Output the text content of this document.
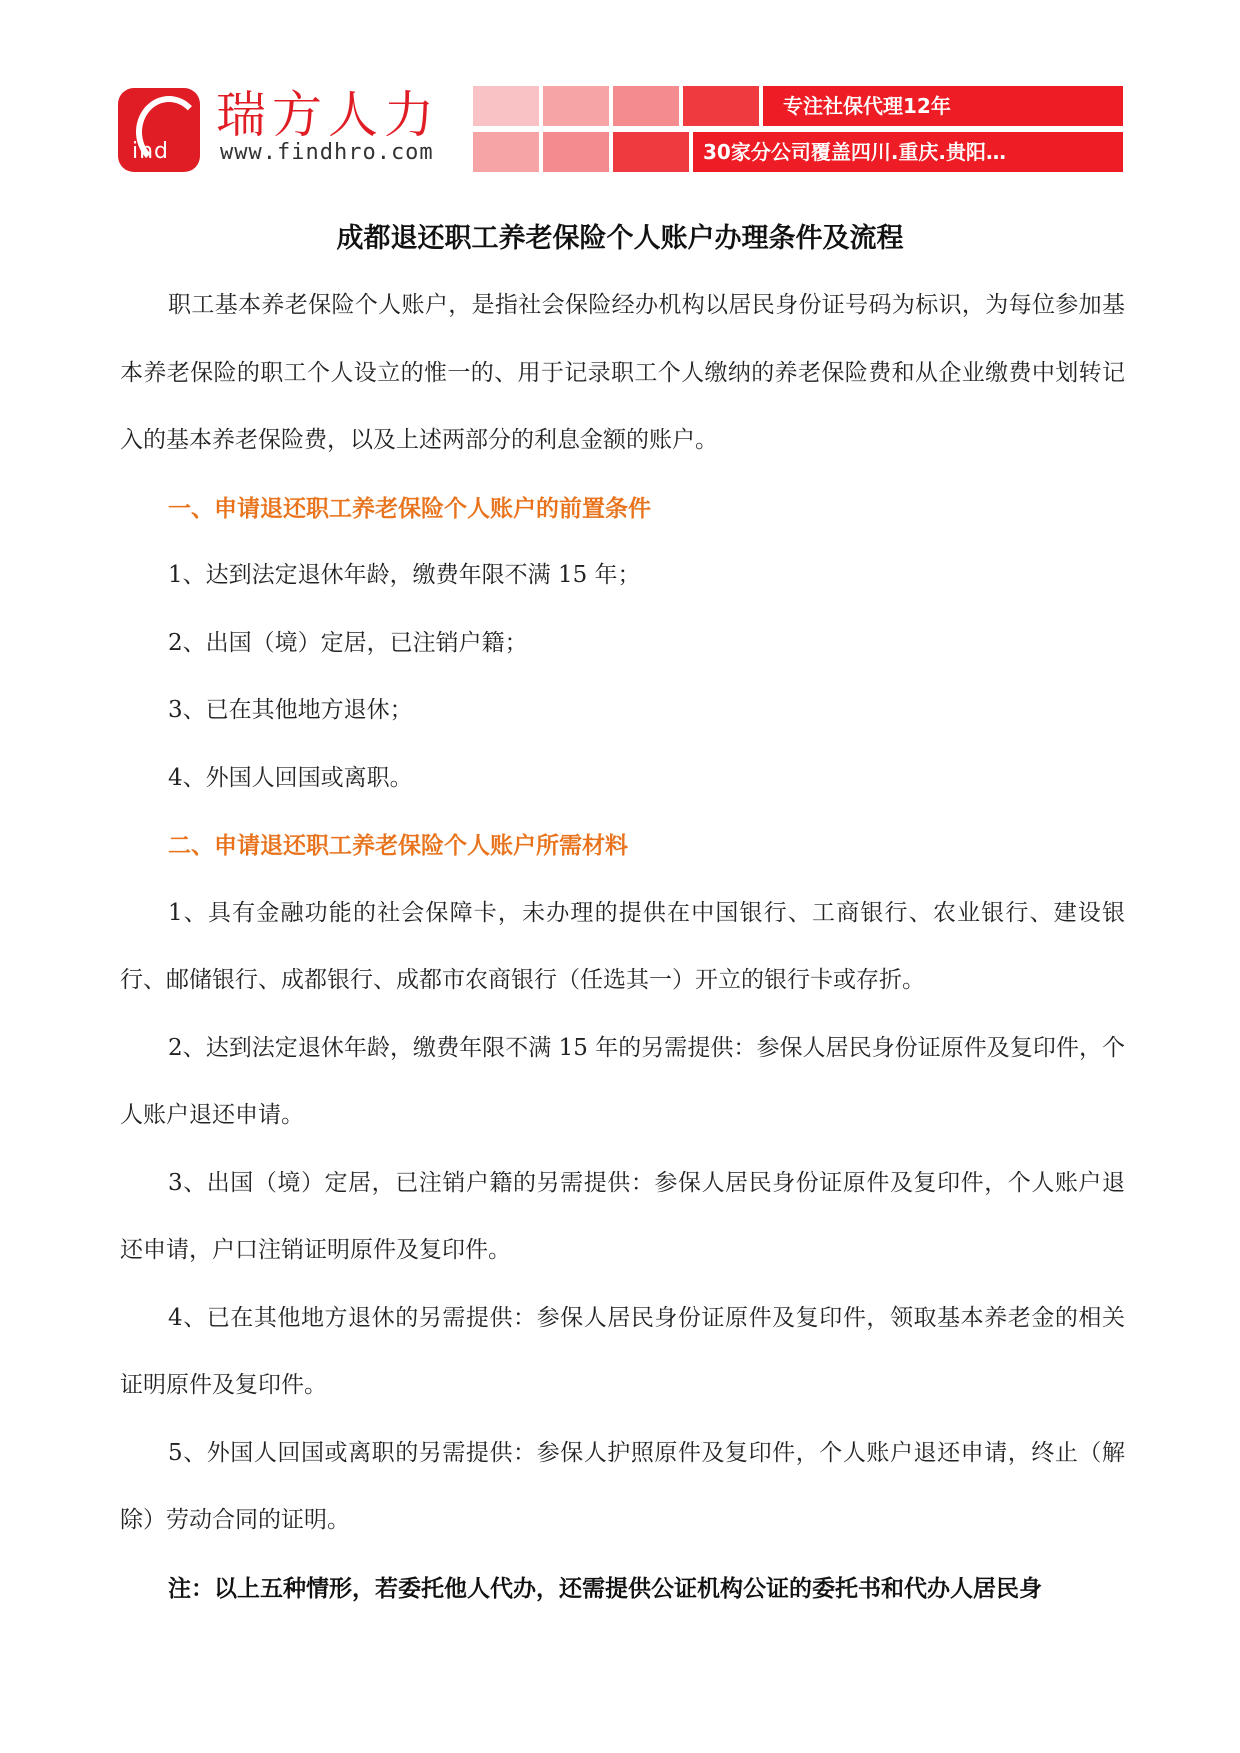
ind
瑞方人力
www.findhro.com
专注社保代理12年
30家分公司覆盖四川.重庆.贵阳…
成都退还职工养老保险个人账户办理条件及流程

职工基本养老保险个人账户，是指社会保险经办机构以居民身份证号码为标识，为每位参加基本养老保险的职工个人设立的惟一的、用于记录职工个人缴纳的养老保险费和从企业缴费中划转记入的基本养老保险费，以及上述两部分的利息金额的账户。

一、申请退还职工养老保险个人账户的前置条件

1、达到法定退休年龄，缴费年限不满 15 年；

2、出国（境）定居，已注销户籍；

3、已在其他地方退休；

4、外国人回国或离职。

二、申请退还职工养老保险个人账户所需材料

1、具有金融功能的社会保障卡，未办理的提供在中国银行、工商银行、农业银行、建设银行、邮储银行、成都银行、成都市农商银行（任选其一）开立的银行卡或存折。

2、达到法定退休年龄，缴费年限不满 15 年的另需提供：参保人居民身份证原件及复印件，个人账户退还申请。

3、出国（境）定居，已注销户籍的另需提供：参保人居民身份证原件及复印件，个人账户退还申请，户口注销证明原件及复印件。

4、已在其他地方退休的另需提供：参保人居民身份证原件及复印件，领取基本养老金的相关证明原件及复印件。

5、外国人回国或离职的另需提供：参保人护照原件及复印件，个人账户退还申请，终止（解除）劳动合同的证明。

注：以上五种情形，若委托他人代办，还需提供公证机构公证的委托书和代办人居民身
